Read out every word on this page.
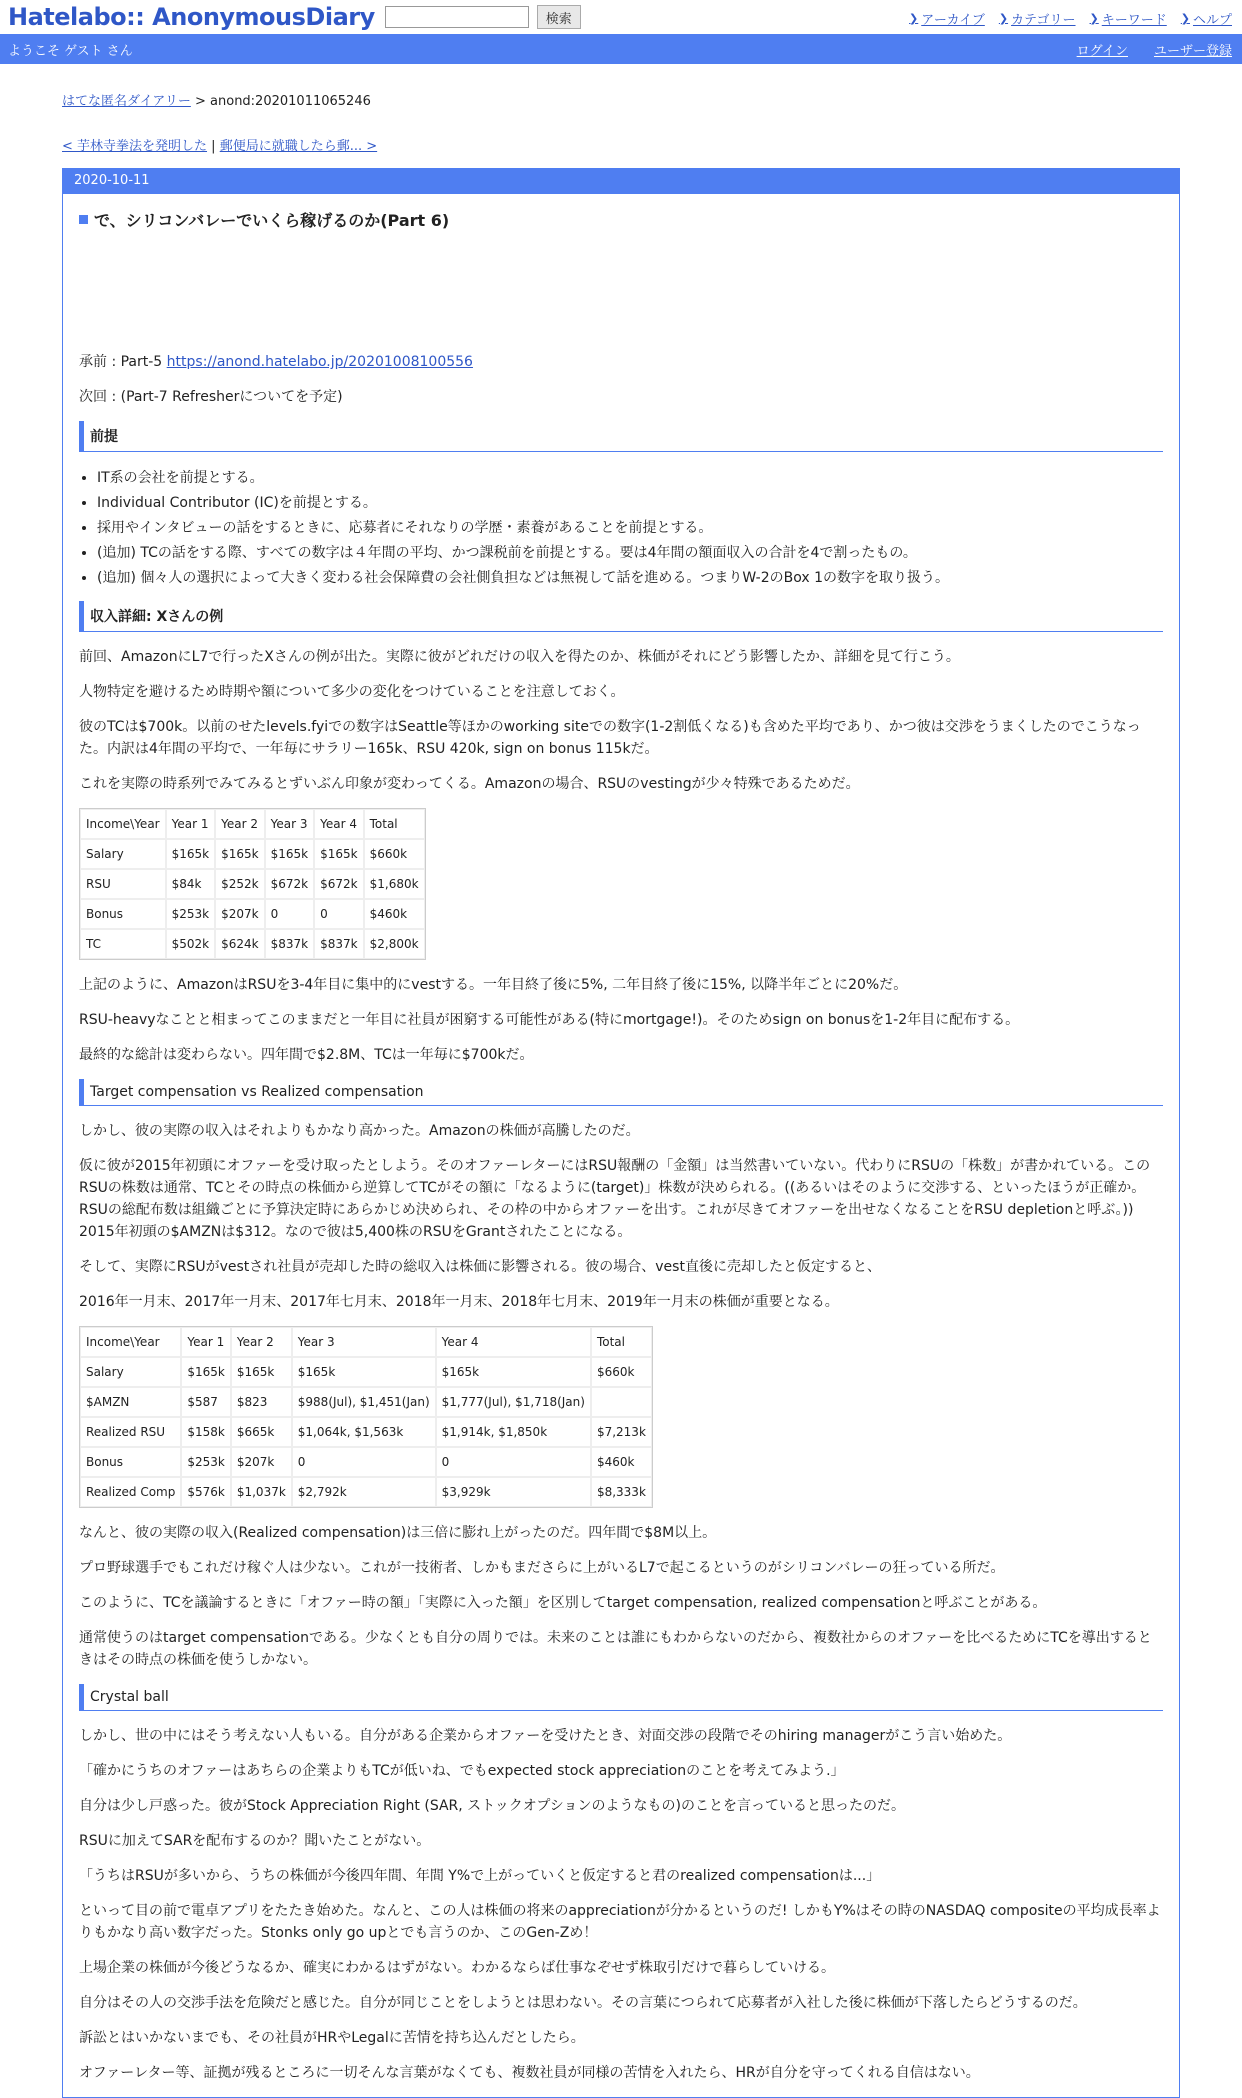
Hatelabo:: AnonymousDiary	検索	❯ アーカイブ ❯ カテゴリー ❯ キーワード ❯ ヘルプ
ようこそ ゲスト さん	ログイン ユーザー登録
はてな匿名ダイアリー > anond:20201011065246
< 芋林寺拳法を発明した | 郵便局に就職したら郵... >
2020-10-11
で、シリコンバレーでいくら稼げるのか(Part 6)

承前 : Part-5 https://anond.hatelabo.jp/20201008100556

次回 : (Part-7 Refresherについてを予定)

前提
• IT系の会社を前提とする。
• Individual Contributor (IC)を前提とする。
• 採用やインタビューの話をするときに、応募者にそれなりの学歴・素養があることを前提とする。
• (追加) TCの話をする際、すべての数字は４年間の平均、かつ課税前を前提とする。要は4年間の額面収入の合計を4で割ったもの。
• (追加) 個々人の選択によって大きく変わる社会保障費の会社側負担などは無視して話を進める。つまりW-2のBox 1の数字を取り扱う。
収入詳細: Xさんの例

前回、AmazonにL7で行ったXさんの例が出た。実際に彼がどれだけの収入を得たのか、株価がそれにどう影響したか、詳細を見て行こう。

人物特定を避けるため時期や額について多少の変化をつけていることを注意しておく。

彼のTCは$700k。以前のせたlevels.fyiでの数字はSeattle等ほかのworking siteでの数字(1-2割低くなる)も含めた平均であり、かつ彼は交渉をうまくしたのでこうなった。内訳は4年間の平均で、一年毎にサラリー165k、RSU 420k, sign on bonus 115kだ。

これを実際の時系列でみてみるとずいぶん印象が変わってくる。Amazonの場合、RSUのvestingが少々特殊であるためだ。

Income\Year	Year 1	Year 2	Year 3	Year 4	Total
Salary	$165k	$165k	$165k	$165k	$660k
RSU	$84k	$252k	$672k	$672k	$1,680k
Bonus	$253k	$207k	0	0	$460k
TC	$502k	$624k	$837k	$837k	$2,800k

上記のように、AmazonはRSUを3-4年目に集中的にvestする。一年目終了後に5%, 二年目終了後に15%, 以降半年ごとに20%だ。

RSU-heavyなことと相まってこのままだと一年目に社員が困窮する可能性がある(特にmortgage!)。そのためsign on bonusを1-2年目に配布する。

最終的な総計は変わらない。四年間で$2.8M、TCは一年毎に$700kだ。

Target compensation vs Realized compensation

しかし、彼の実際の収入はそれよりもかなり高かった。Amazonの株価が高騰したのだ。

仮に彼が2015年初頭にオファーを受け取ったとしよう。そのオファーレターにはRSU報酬の「金額」は当然書いていない。代わりにRSUの「株数」が書かれている。このRSUの株数は通常、TCとその時点の株価から逆算してTCがその額に「なるように(target)」株数が決められる。((あるいはそのように交渉する、といったほうが正確か。RSUの総配布数は組織ごとに予算決定時にあらかじめ決められ、その枠の中からオファーを出す。これが尽きてオファーを出せなくなることをRSU depletionと呼ぶ。)) 2015年初頭の$AMZNは$312。なので彼は5,400株のRSUをGrantされたことになる。

そして、実際にRSUがvestされ社員が売却した時の総収入は株価に影響される。彼の場合、vest直後に売却したと仮定すると、

2016年一月末、2017年一月末、2017年七月末、2018年一月末、2018年七月末、2019年一月末の株価が重要となる。

Income\Year	Year 1	Year 2	Year 3	Year 4	Total
Salary	$165k	$165k	$165k	$165k	$660k
$AMZN	$587	$823	$988(Jul), $1,451(Jan)	$1,777(Jul), $1,718(Jan)	
Realized RSU	$158k	$665k	$1,064k, $1,563k	$1,914k, $1,850k	$7,213k
Bonus	$253k	$207k	0	0	$460k
Realized Comp	$576k	$1,037k	$2,792k	$3,929k	$8,333k

なんと、彼の実際の収入(Realized compensation)は三倍に膨れ上がったのだ。四年間で$8M以上。

プロ野球選手でもこれだけ稼ぐ人は少ない。これが一技術者、しかもまださらに上がいるL7で起こるというのがシリコンバレーの狂っている所だ。

このように、TCを議論するときに「オファー時の額」「実際に入った額」を区別してtarget compensation, realized compensationと呼ぶことがある。

通常使うのはtarget compensationである。少なくとも自分の周りでは。未来のことは誰にもわからないのだから、複数社からのオファーを比べるためにTCを導出するときはその時点の株価を使うしかない。

Crystal ball

しかし、世の中にはそう考えない人もいる。自分がある企業からオファーを受けたとき、対面交渉の段階でそのhiring managerがこう言い始めた。

「確かにうちのオファーはあちらの企業よりもTCが低いね、でもexpected stock appreciationのことを考えてみよう.」

自分は少し戸惑った。彼がStock Appreciation Right (SAR, ストックオプションのようなもの)のことを言っていると思ったのだ。

RSUに加えてSARを配布するのか？聞いたことがない。

「うちはRSUが多いから、うちの株価が今後四年間、年間 Y%で上がっていくと仮定すると君のrealized compensationは...」

といって目の前で電卓アプリをたたき始めた。なんと、この人は株価の将来のappreciationが分かるというのだ! しかもY%はその時のNASDAQ compositeの平均成長率よりもかなり高い数字だった。Stonks only go upとでも言うのか、このGen-Zめ！

上場企業の株価が今後どうなるか、確実にわかるはずがない。わかるならば仕事なぞせず株取引だけで暮らしていける。

自分はその人の交渉手法を危険だと感じた。自分が同じことをしようとは思わない。その言葉につられて応募者が入社した後に株価が下落したらどうするのだ。

訴訟とはいかないまでも、その社員がHRやLegalに苦情を持ち込んだとしたら。

オファーレター等、証拠が残るところに一切そんな言葉がなくても、複数社員が同様の苦情を入れたら、HRが自分を守ってくれる自信はない。
